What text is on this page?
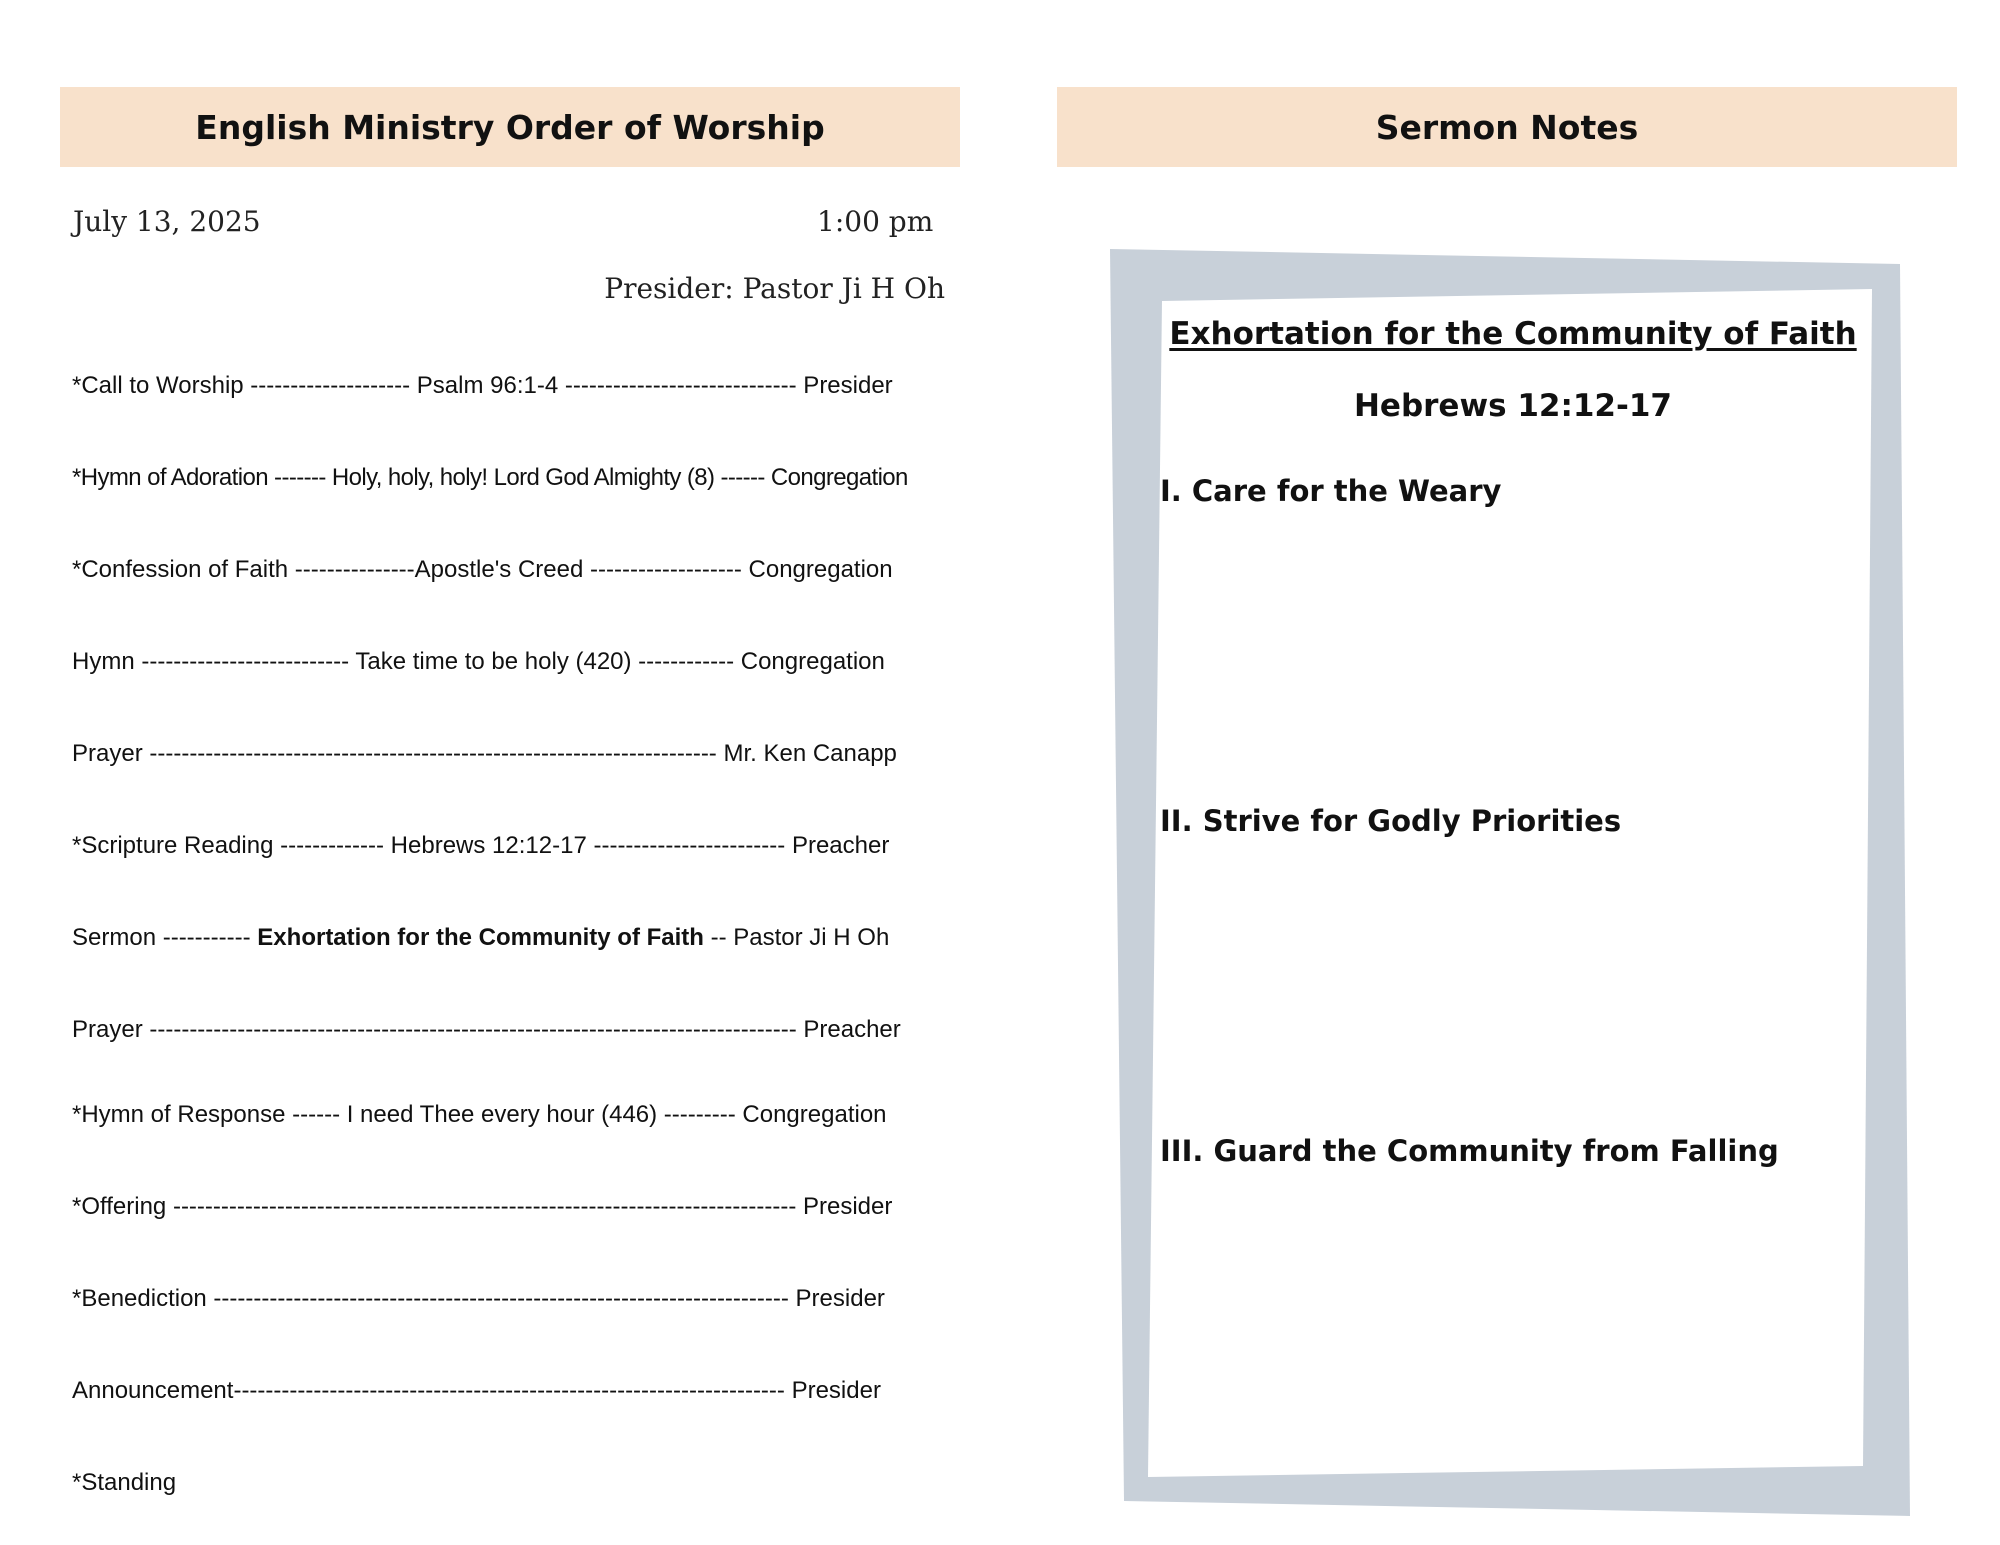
English Ministry Order of Worship
July 13, 2025	1:00 pm
Presider: Pastor Ji H Oh
*Call to Worship -------------------- Psalm 96:1-4 ----------------------------- Presider
*Hymn of Adoration ------- Holy, holy, holy! Lord God Almighty (8) ------ Congregation
*Confession of Faith ---------------Apostle's Creed ------------------- Congregation
Hymn -------------------------- Take time to be holy (420) ------------ Congregation
Prayer ----------------------------------------------------------------------- Mr. Ken Canapp
*Scripture Reading ------------- Hebrews 12:12-17 ------------------------ Preacher
Sermon ----------- Exhortation for the Community of Faith -- Pastor Ji H Oh
Prayer --------------------------------------------------------------------------------- Preacher
*Hymn of Response ------ I need Thee every hour (446) --------- Congregation
*Offering ------------------------------------------------------------------------------ Presider
*Benediction ------------------------------------------------------------------------ Presider
Announcement--------------------------------------------------------------------- Presider
*Standing
Sermon Notes
Exhortation for the Community of Faith
Hebrews 12:12-17
I. Care for the Weary
II. Strive for Godly Priorities
III. Guard the Community from Falling
